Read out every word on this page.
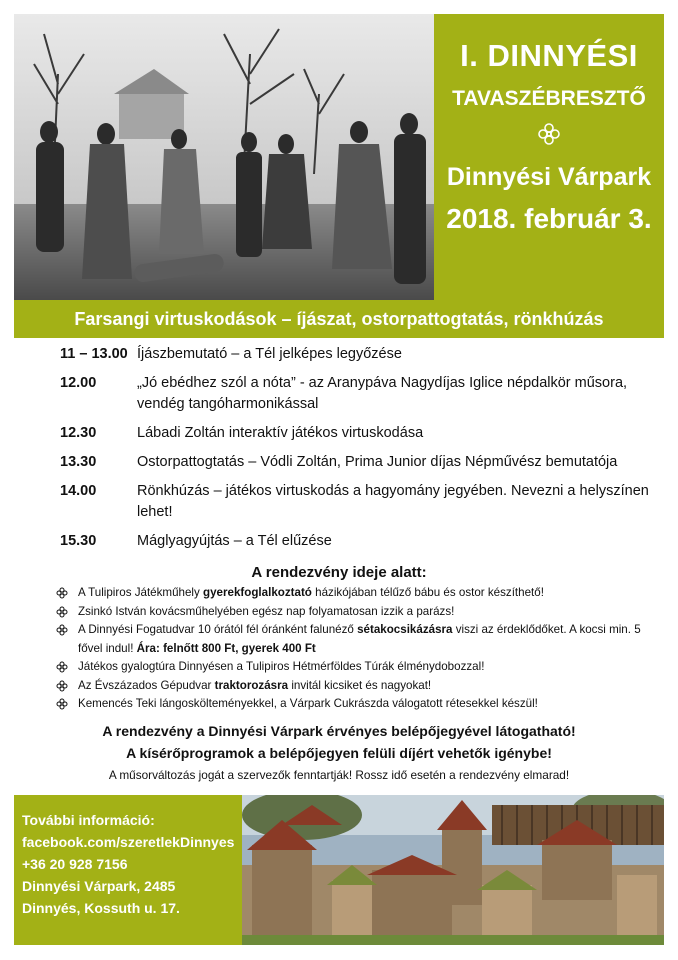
I. DINNYÉSI
TAVASZÉBRESZTŐ
Dinnyési Várpark
2018. február 3.
Farsangi virtuskodások – íjászat, ostorpattogtatás, rönkhúzás
11 – 13.00 Íjászbemutató – a Tél jelképes legyőzése
12.00	„Jó ebédhez szól a nóta” - az Aranypáva Nagydíjas Iglice népdalkör műsora, vendég tangóharmonikással
12.30	Lábadi Zoltán interaktív játékos virtuskodása
13.30	Ostorpattogtatás – Vódli Zoltán, Prima Junior díjas Népművész bemutatója
14.00	Rönkhúzás – játékos virtuskodás a hagyomány jegyében. Nevezni a helyszínen lehet!
15.30	Máglyagyújtás – a Tél elűzése
A rendezvény ideje alatt:
A Tulipiros Játékműhely gyerekfoglalkoztató házikójában télűző bábu és ostor készíthető!
Zsinkó István kovácsműhelyében egész nap folyamatosan izzik a parázs!
A Dinnyési Fogatudvar 10 órától fél óránként falunéző sétakocsikázásra viszi az érdeklődőket. A kocsi min. 5 fővel indul! Ára: felnőtt 800 Ft, gyerek 400 Ft
Játékos gyalogtúra Dinnyésen a Tulipiros Hétmérföldes Túrák élménydobozzal!
Az Évszázados Gépudvar traktorozásra invitál kicsiket és nagyokat!
Kemencés Teki lángoskölteményekkel, a Várpark Cukrászda válogatott rétesekkel készül!
A rendezvény a Dinnyési Várpark érvényes belépőjegyével látogatható!
A kísérőprogramok a belépőjegyen felüli díjért vehetők igénybe!
A műsorváltozás jogát a szervezők fenntartják! Rossz idő esetén a rendezvény elmarad!
További információ:
facebook.com/szeretlekDinnyes
+36 20 928 7156
Dinnyési Várpark, 2485
Dinnyés, Kossuth u. 17.
